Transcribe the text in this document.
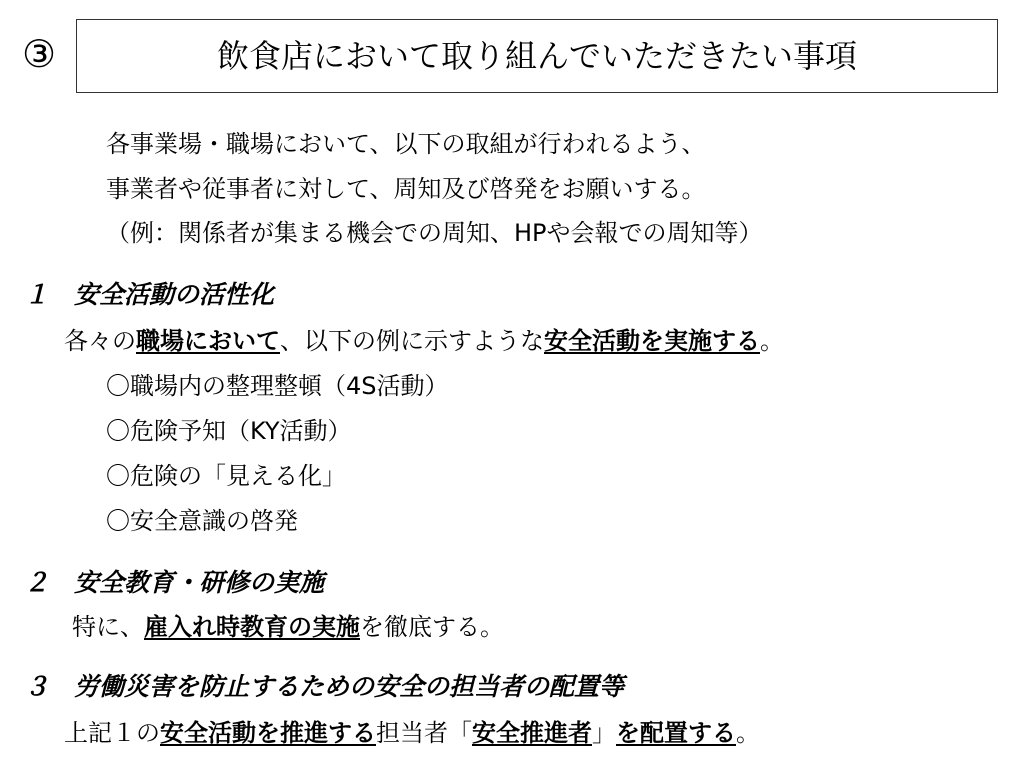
③	飲食店において取り組んでいただきたい事項
各事業場・職場において、以下の取組が行われるよう、
事業者や従事者に対して、周知及び啓発をお願いする。
（例：関係者が集まる機会での周知、HPや会報での周知等）
１　安全活動の活性化
各々の職場において、以下の例に示すような安全活動を実施する。
〇職場内の整理整頓（4S活動）
〇危険予知（KY活動）
〇危険の「見える化」
〇安全意識の啓発
２　安全教育・研修の実施
特に、雇入れ時教育の実施を徹底する。
３　労働災害を防止するための安全の担当者の配置等
上記１の安全活動を推進する担当者「安全推進者」を配置する。
